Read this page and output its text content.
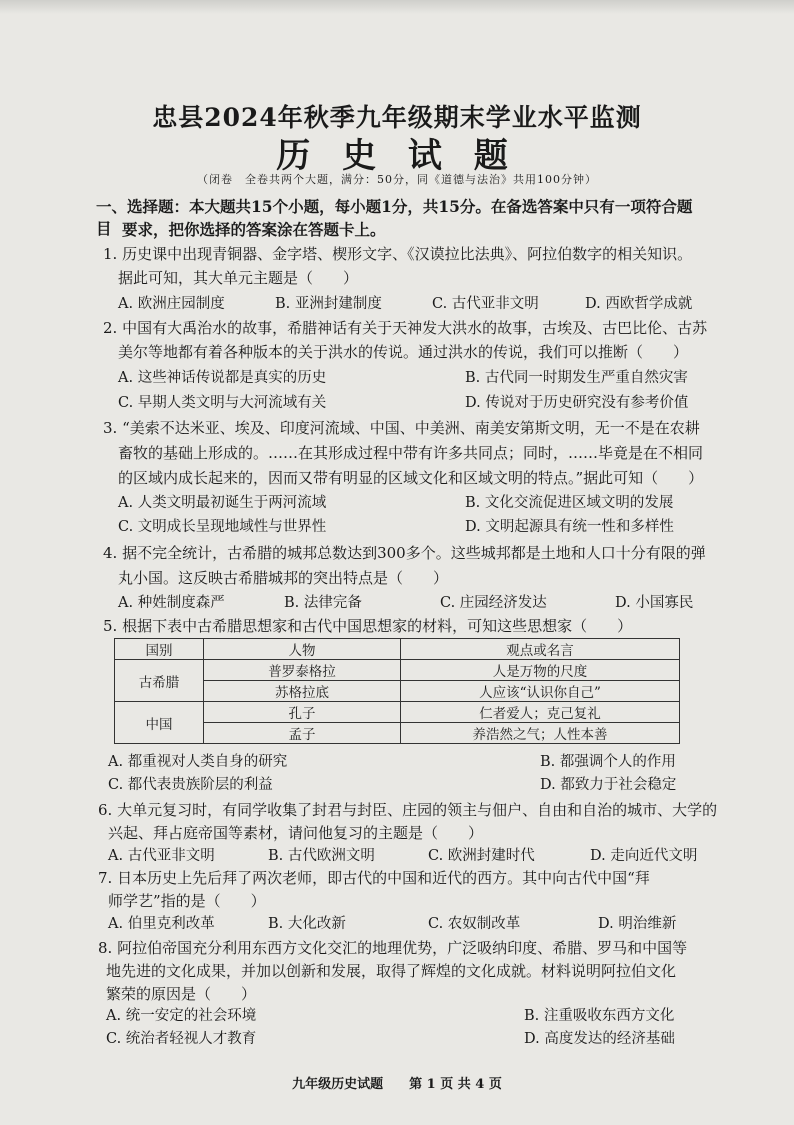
忠县2024年秋季九年级期末学业水平监测
历 史 试 题
（闭卷　全卷共两个大题，满分：50分，同《道德与法治》共用100分钟）
一、选择题：本大题共15个小题，每小题1分，共15分。在备选答案中只有一项符合题目 要求，把你选择的答案涂在答题卡上。
1. 历史课中出现青铜器、金字塔、楔形文字、《汉谟拉比法典》、阿拉伯数字的相关知识。
据此可知，其大单元主题是（　　）
A. 欧洲庄园制度	B. 亚洲封建制度	C. 古代亚非文明	D. 西欧哲学成就
2. 中国有大禹治水的故事，希腊神话有关于天神发大洪水的故事，古埃及、古巴比伦、古苏
美尔等地都有着各种版本的关于洪水的传说。通过洪水的传说，我们可以推断（　　）
A. 这些神话传说都是真实的历史	B. 古代同一时期发生严重自然灾害
C. 早期人类文明与大河流域有关	D. 传说对于历史研究没有参考价值
3. “美索不达米亚、埃及、印度河流域、中国、中美洲、南美安第斯文明，无一不是在农耕
畜牧的基础上形成的。……在其形成过程中带有许多共同点；同时，……毕竟是在不相同
的区域内成长起来的，因而又带有明显的区域文化和区域文明的特点。”据此可知（　　）
A. 人类文明最初诞生于两河流域	B. 文化交流促进区域文明的发展
C. 文明成长呈现地域性与世界性	D. 文明起源具有统一性和多样性
4. 据不完全统计，古希腊的城邦总数达到300多个。这些城邦都是土地和人口十分有限的弹
丸小国。这反映古希腊城邦的突出特点是（　　）
A. 种姓制度森严	B. 法律完备	C. 庄园经济发达	D. 小国寡民
5. 根据下表中古希腊思想家和古代中国思想家的材料，可知这些思想家（　　）
国别	人物	观点或名言
古希腊	普罗泰格拉	人是万物的尺度
	苏格拉底	人应该“认识你自己”
中国	孔子	仁者爱人；克己复礼
	孟子	养浩然之气；人性本善
A. 都重视对人类自身的研究	B. 都强调个人的作用
C. 都代表贵族阶层的利益	D. 都致力于社会稳定
6. 大单元复习时，有同学收集了封君与封臣、庄园的领主与佃户、自由和自治的城市、大学的
兴起、拜占庭帝国等素材，请问他复习的主题是（　　）
A. 古代亚非文明	B. 古代欧洲文明	C. 欧洲封建时代	D. 走向近代文明
7. 日本历史上先后拜了两次老师，即古代的中国和近代的西方。其中向古代中国“拜
师学艺”指的是（　　）
A. 伯里克利改革	B. 大化改新	C. 农奴制改革	D. 明治维新
8. 阿拉伯帝国充分利用东西方文化交汇的地理优势，广泛吸纳印度、希腊、罗马和中国等
地先进的文化成果，并加以创新和发展，取得了辉煌的文化成就。材料说明阿拉伯文化
繁荣的原因是（　　）
A. 统一安定的社会环境	B. 注重吸收东西方文化
C. 统治者轻视人才教育	D. 高度发达的经济基础
九年级历史试题　　第 1 页 共 4 页
